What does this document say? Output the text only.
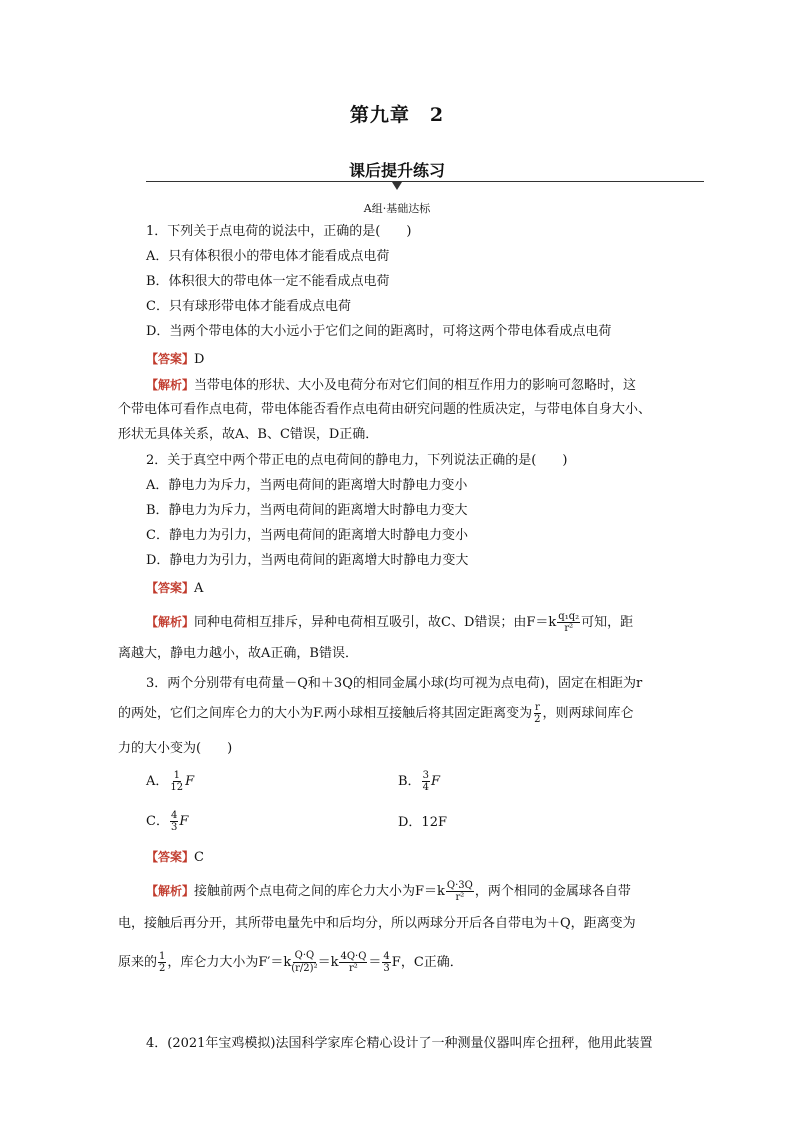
第九章　2
课后提升练习
A组·基础达标
1．下列关于点电荷的说法中，正确的是(　　)
A．只有体积很小的带电体才能看成点电荷
B．体积很大的带电体一定不能看成点电荷
C．只有球形带电体才能看成点电荷
D．当两个带电体的大小远小于它们之间的距离时，可将这两个带电体看成点电荷
【答案】D
【解析】当带电体的形状、大小及电荷分布对它们间的相互作用力的影响可忽略时，这
个带电体可看作点电荷，带电体能否看作点电荷由研究问题的性质决定，与带电体自身大小、
形状无具体关系，故A、B、C错误，D正确．
2．关于真空中两个带正电的点电荷间的静电力，下列说法正确的是(　　)
A．静电力为斥力，当两电荷间的距离增大时静电力变小
B．静电力为斥力，当两电荷间的距离增大时静电力变大
C．静电力为引力，当两电荷间的距离增大时静电力变小
D．静电力为引力，当两电荷间的距离增大时静电力变大
【答案】A
【解析】同种电荷相互排斥，异种电荷相互吸引，故C、D错误；由$F=k \frac{\text{q₁q₂}}{\text{r²}}$ 可知，距
离越大，静电力越小，故A正确，B错误．
3．两个分别带有电荷量－Q和＋3Q的相同金属小球(均可视为点电荷)，固定在相距为r
的两处，它们之间库仑力的大小为F.两小球相互接触后将其固定距离变为 $\frac{r}{2}$ ，则两球间库仑
力的大小变为(　　)
A． $\frac{1}{12}$ F	B． $\frac{3}{4}$ F
C． $\frac{4}{3}$ F	D．12F
【答案】C
【解析】接触前两个点电荷之间的库仑力大小为$F=k \frac{Q\cdot 3Q}{\text{r²}}$ ，两个相同的金属球各自带
电，接触后再分开，其所带电量先中和后均分，所以两球分开后各自带电为＋Q，距离变为
原来的 $\frac{1}{2}$ ，库仑力大小为$F'=k \frac{Q\cdot Q}{\text{(r/2)²}} =k \frac{4Q\cdot Q}{\text{r²}} = \frac{4}{3}$ F，C正确．
4．(2021年宝鸡模拟)法国科学家库仑精心设计了一种测量仪器叫库仑扭秤，他用此装置
